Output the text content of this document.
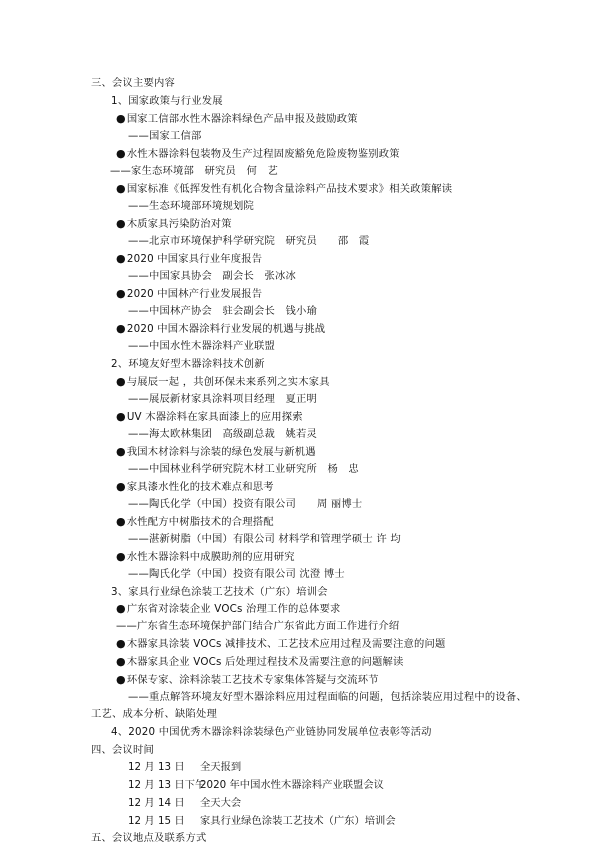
三、会议主要内容
1、国家政策与行业发展
●国家工信部水性木器涂料绿色产品申报及鼓励政策
——国家工信部
●水性木器涂料包装物及生产过程固废豁免危险废物鉴别政策
——家生态环境部　研究员　何　艺
●国家标准《低挥发性有机化合物含量涂料产品技术要求》相关政策解读
——生态环境部环境规划院
●木质家具污染防治对策
——北京市环境保护科学研究院　研究员　　邵　霞
●2020 中国家具行业年度报告
——中国家具协会　副会长　张冰冰
●2020 中国林产行业发展报告
——中国林产协会　驻会副会长　钱小瑜
●2020 中国木器涂料行业发展的机遇与挑战
——中国水性木器涂料产业联盟
2、环境友好型木器涂料技术创新
●与展辰一起 ，共创环保未来系列之实木家具
——展辰新材家具涂料项目经理　夏正明
●UV 木器涂料在家具面漆上的应用探索
——海太欧林集团　高级副总裁　姚若灵
●我国木材涂料与涂装的绿色发展与新机遇
——中国林业科学研究院木材工业研究所　杨　忠
●家具漆水性化的技术难点和思考
——陶氏化学（中国）投资有限公司　　周 丽博士
●水性配方中树脂技术的合理搭配
——湛新树脂（中国）有限公司 材料学和管理学硕士 许 均
●水性木器涂料中成膜助剂的应用研究
——陶氏化学（中国）投资有限公司 沈澄 博士
3、家具行业绿色涂装工艺技术（广东）培训会
●广东省对涂装企业 VOCs 治理工作的总体要求
——广东省生态环境保护部门结合广东省此方面工作进行介绍
●木器家具涂装 VOCs 减排技术、工艺技术应用过程及需要注意的问题
●木器家具企业 VOCs 后处理过程技术及需要注意的问题解读
●环保专家、涂料涂装工艺技术专家集体答疑与交流环节
——重点解答环境友好型木器涂料应用过程面临的问题，包括涂装应用过程中的设备、
工艺、成本分析、缺陷处理
4、2020 中国优秀木器涂料涂装绿色产业链协同发展单位表彰等活动
四、会议时间
12 月 13 日 全天报到
12 月 13 日下午
2020 年中国水性木器涂料产业联盟会议
12 月 14 日 全天大会
12 月 15 日 家具行业绿色涂装工艺技术（广东）培训会
五、会议地点及联系方式
